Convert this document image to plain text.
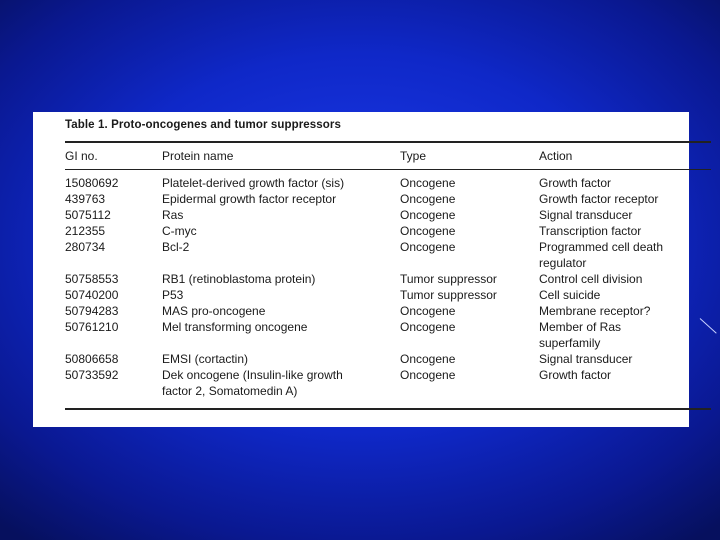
Table 1. Proto-oncogenes and tumor suppressors
GI no.	Protein name	Type	Action
15080692	Platelet-derived growth factor (sis)	Oncogene	Growth factor
439763	Epidermal growth factor receptor	Oncogene	Growth factor receptor
5075112	Ras	Oncogene	Signal transducer
212355	C-myc	Oncogene	Transcription factor
280734	Bcl-2	Oncogene	Programmed cell death
regulator
50758553	RB1 (retinoblastoma protein)	Tumor suppressor	Control cell division
50740200	P53	Tumor suppressor	Cell suicide
50794283	MAS pro-oncogene	Oncogene	Membrane receptor?
50761210	Mel transforming oncogene	Oncogene	Member of Ras
superfamily
50806658	EMSI (cortactin)	Oncogene	Signal transducer
50733592	Dek oncogene (Insulin-like growth	Oncogene	Growth factor
factor 2, Somatomedin A)
